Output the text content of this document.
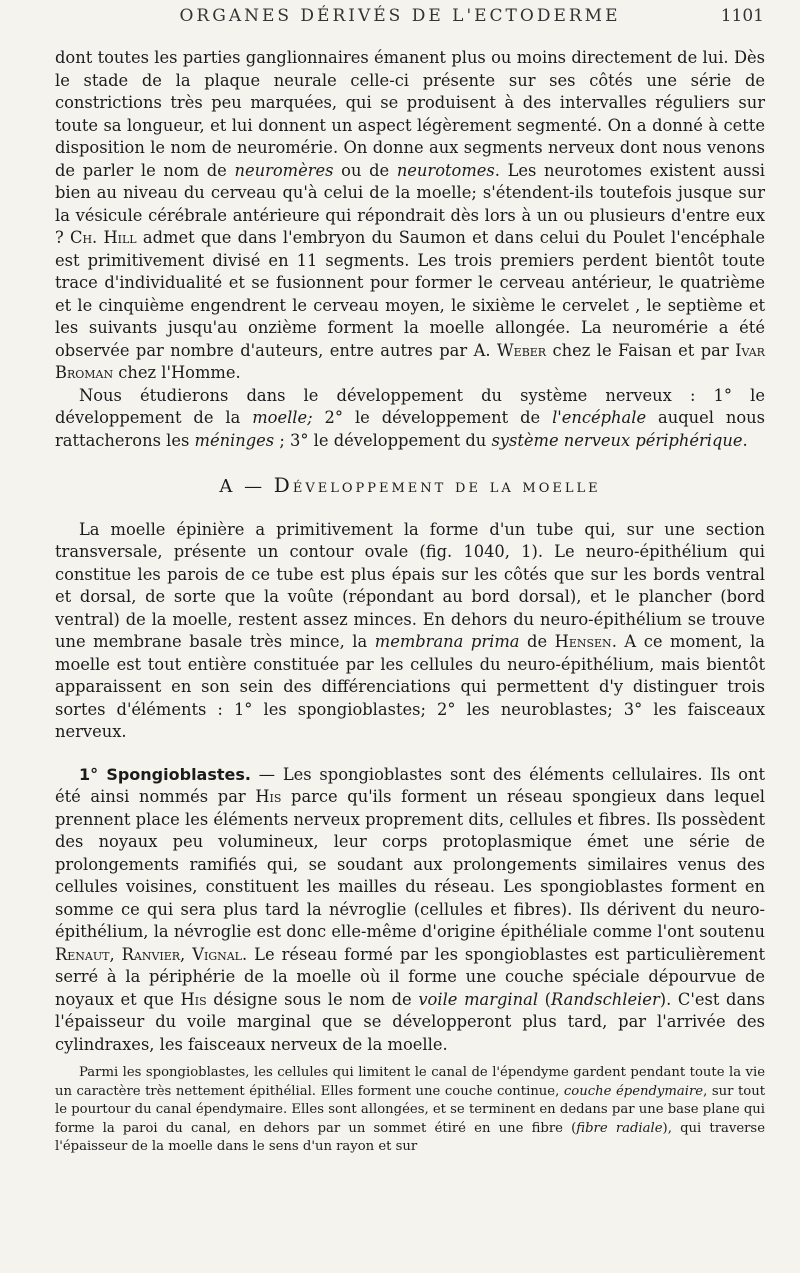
ORGANES DÉRIVÉS DE L'ECTODERME	1101

dont toutes les parties ganglionnaires émanent plus ou moins directement de lui. Dès le stade de la plaque neurale celle-ci présente sur ses côtés une série de constrictions très peu marquées, qui se produisent à des intervalles réguliers sur toute sa longueur, et lui donnent un aspect légèrement segmenté. On a donné à cette disposition le nom de neuromérie. On donne aux segments nerveux dont nous venons de parler le nom de neuromères ou de neurotomes. Les neurotomes existent aussi bien au niveau du cerveau qu'à celui de la moelle; s'étendent-ils toutefois jusque sur la vésicule cérébrale antérieure qui répondrait dès lors à un ou plusieurs d'entre eux ? Ch. Hill admet que dans l'embryon du Saumon et dans celui du Poulet l'encéphale est primitivement divisé en 11 segments. Les trois premiers perdent bientôt toute trace d'individualité et se fusionnent pour former le cerveau antérieur, le quatrième et le cinquième engendrent le cerveau moyen, le sixième le cervelet , le septième et les suivants jusqu'au onzième forment la moelle allongée. La neuromérie a été observée par nombre d'auteurs, entre autres par A. Weber chez le Faisan et par Ivar Broman chez l'Homme.

Nous étudierons dans le développement du système nerveux : 1° le développement de la moelle; 2° le développement de l'encéphale auquel nous rattacherons les méninges ; 3° le développement du système nerveux périphérique.

A — Développement de la moelle

La moelle épinière a primitivement la forme d'un tube qui, sur une section transversale, présente un contour ovale (fig. 1040, 1). Le neuro-épithélium qui constitue les parois de ce tube est plus épais sur les côtés que sur les bords ventral et dorsal, de sorte que la voûte (répondant au bord dorsal), et le plancher (bord ventral) de la moelle, restent assez minces. En dehors du neuro-épithélium se trouve une membrane basale très mince, la membrana prima de Hensen. A ce moment, la moelle est tout entière constituée par les cellules du neuro-épithélium, mais bientôt apparaissent en son sein des différenciations qui permettent d'y distinguer trois sortes d'éléments : 1° les spongioblastes; 2° les neuroblastes; 3° les faisceaux nerveux.

1° Spongioblastes. — Les spongioblastes sont des éléments cellulaires. Ils ont été ainsi nommés par His parce qu'ils forment un réseau spongieux dans lequel prennent place les éléments nerveux proprement dits, cellules et fibres. Ils possèdent des noyaux peu volumineux, leur corps protoplasmique émet une série de prolongements ramifiés qui, se soudant aux prolongements similaires venus des cellules voisines, constituent les mailles du réseau. Les spongioblastes forment en somme ce qui sera plus tard la névroglie (cellules et fibres). Ils dérivent du neuro-épithélium, la névroglie est donc elle-même d'origine épithéliale comme l'ont soutenu Renaut, Ranvier, Vignal. Le réseau formé par les spongioblastes est particulièrement serré à la périphérie de la moelle où il forme une couche spéciale dépourvue de noyaux et que His désigne sous le nom de voile marginal (Randschleier). C'est dans l'épaisseur du voile marginal que se développeront plus tard, par l'arrivée des cylindraxes, les faisceaux nerveux de la moelle.

Parmi les spongioblastes, les cellules qui limitent le canal de l'épendyme gardent pendant toute la vie un caractère très nettement épithélial. Elles forment une couche continue, couche épendymaire, sur tout le pourtour du canal épendymaire. Elles sont allongées, et se terminent en dedans par une base plane qui forme la paroi du canal, en dehors par un sommet étiré en une fibre (fibre radiale), qui traverse l'épaisseur de la moelle dans le sens d'un rayon et sur
